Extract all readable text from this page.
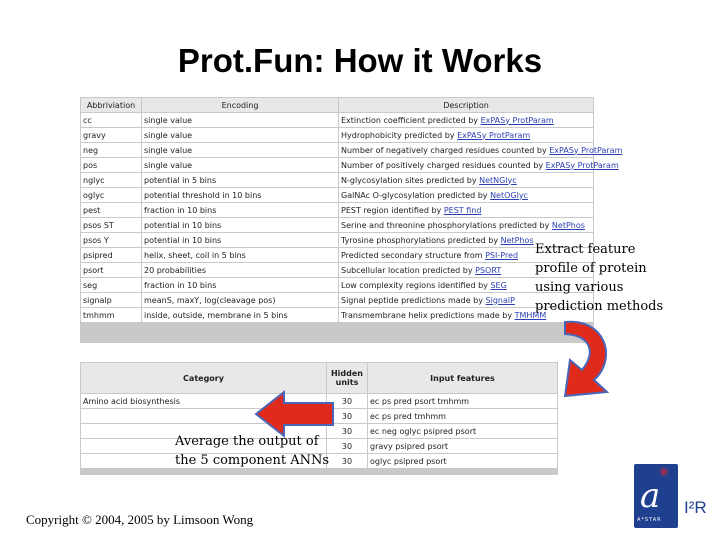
Prot.Fun: How it Works
Abbriviation	Encoding	Description
cc	single value	Extinction coefficient predicted by ExPASy ProtParam
gravy	single value	Hydrophobicity predicted by ExPASy ProtParam
neg	single value	Number of negatively charged residues counted by ExPASy ProtParam
pos	single value	Number of positively charged residues counted by ExPASy ProtParam
nglyc	potential in 5 bins	N-glycosylation sites predicted by NetNGlyc
oglyc	potential threshold in 10 bins	GalNAc O-glycosylation predicted by NetOGlyc
pest	fraction in 10 bins	PEST region identified by PEST find
psos ST	potential in 10 bins	Serine and threonine phosphorylations predicted by NetPhos
psos Y	potential in 10 bins	Tyrosine phosphorylations predicted by NetPhos
psipred	helix, sheet, coil in 5 bins	Predicted secondary structure from PSI-Pred
psort	20 probabilities	Subcellular location predicted by PSORT
seg	fraction in 10 bins	Low complexity regions identified by SEG
signalp	meanS, maxY, log(cleavage pos)	Signal peptide predictions made by SignalP
tmhmm	inside, outside, membrane in 5 bins	Transmembrane helix predictions made by TMHMM
Category	Hidden units	Input features
Amino acid biosynthesis	30	ec ps pred psort tmhmm
	30	ec ps pred tmhmm
	30	ec neg oglyc psipred psort
	30	gravy psipred psort
	30	oglyc psipred psort
Extract feature
profile of protein
using various
prediction methods
Average the output of
the 5 component ANNs
Copyright © 2004, 2005 by Limsoon Wong
a
✳
A*STAR
I²R
